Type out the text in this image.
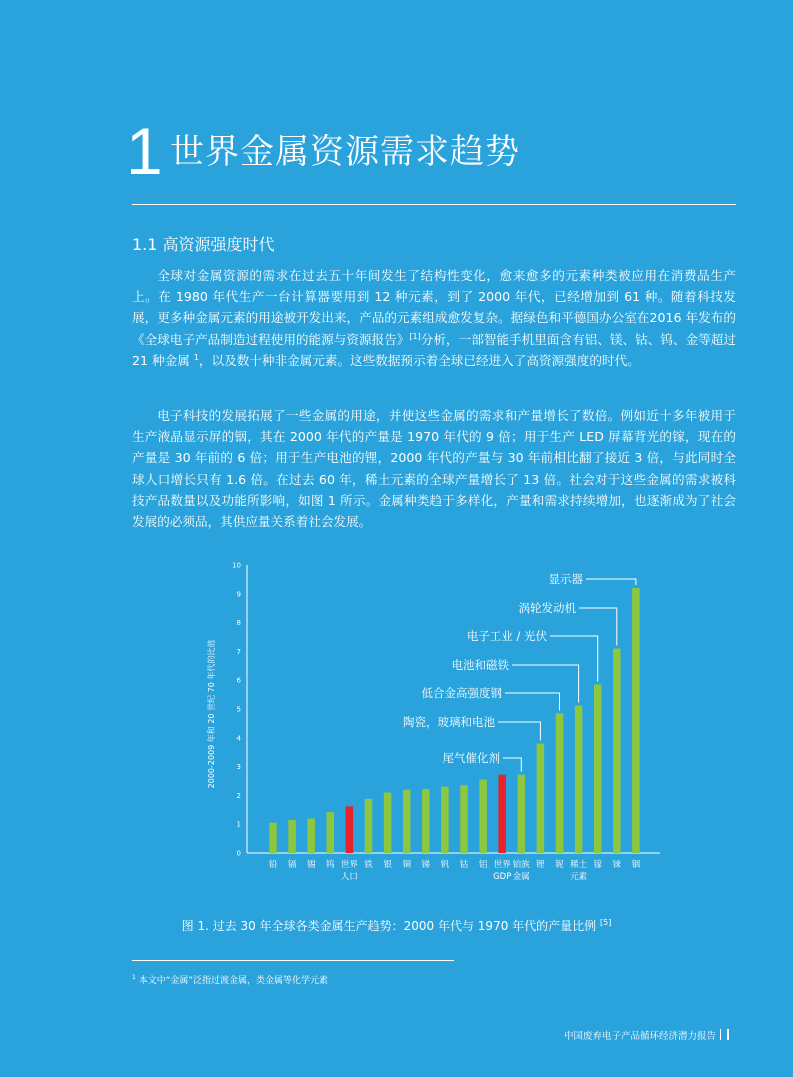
1 世界金属资源需求趋势
1.1 高资源强度时代

全球对金属资源的需求在过去五十年间发生了结构性变化，愈来愈多的元素种类被应用在消费品生产上。在 1980 年代生产一台计算器要用到 12 种元素，到了 2000 年代，已经增加到 61 种。随着科技发展，更多种金属元素的用途被开发出来，产品的元素组成愈发复杂。据绿色和平德国办公室在2016 年发布的《全球电子产品制造过程使用的能源与资源报告》[1]分析，一部智能手机里面含有铝、镁、钴、钨、金等超过 21 种金属 $^1$，以及数十种非金属元素。这些数据预示着全球已经进入了高资源强度的时代。

电子科技的发展拓展了一些金属的用途，并使这些金属的需求和产量增长了数倍。例如近十多年被用于生产液晶显示屏的铟，其在 2000 年代的产量是 1970 年代的 9 倍；用于生产 LED 屏幕背光的镓，现在的产量是 30 年前的 6 倍；用于生产电池的锂，2000 年代的产量与 30 年前相比翻了接近 3 倍，与此同时全球人口增长只有 1.6 倍。在过去 60 年，稀土元素的全球产量增长了 13 倍。社会对于这些金属的需求被科技产品数量以及功能所影响，如图 1 所示。金属种类趋于多样化，产量和需求持续增加，也逐渐成为了社会发展的必须品，其供应量关系着社会发展。

0
1
2
3
4
5
6
7
8
9
10
2000-2009 年和 20 世纪 70 年代的比值
铅 镉 锡 钨 世界
人口
铁 银 铜 锑 钒 钴 铝 世界
GDP
铂族
金属
锂 铌 稀土
元素
镓 铼 铟
显示器
涡轮发动机
电子工业 / 光伏
电池和磁铁
低合金高强度钢
陶瓷，玻璃和电池
尾气催化剂
图 1. 过去 30 年全球各类金属生产趋势：2000 年代与 1970 年代的产量比例 [5]
$^1$ 本文中“金属”泛指过渡金属，类金属等化学元素
中国废弃电子产品循环经济潜力报告
